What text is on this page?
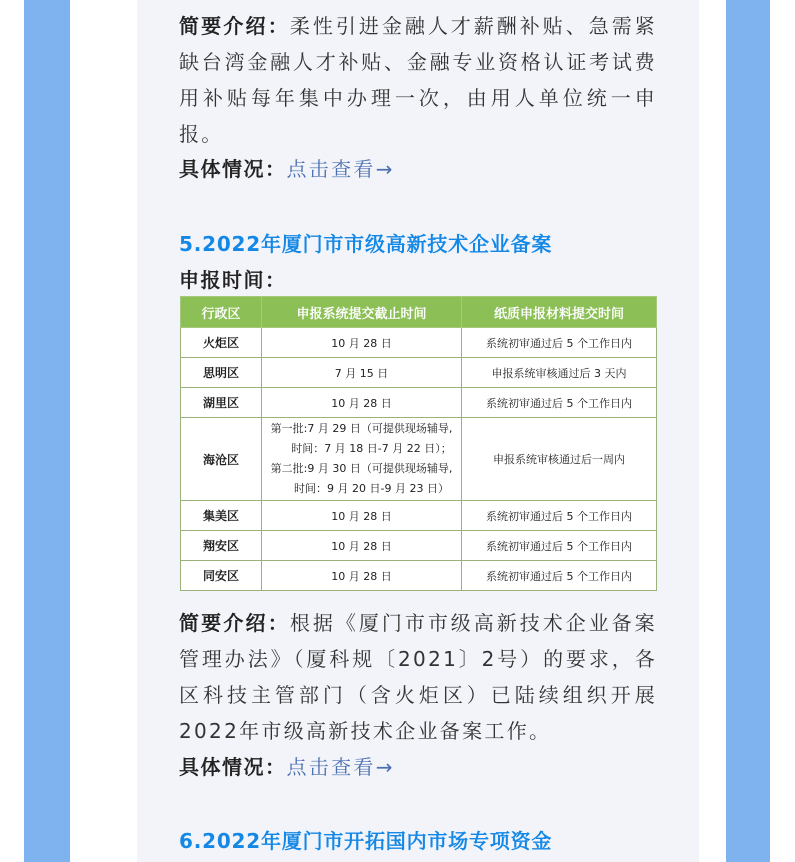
简要介绍：柔性引进金融人才薪酬补贴、急需紧缺台湾金融人才补贴、金融专业资格认证考试费用补贴每年集中办理一次，由用人单位统一申报。
具体情况：点击查看→
5.2022年厦门市市级高新技术企业备案
申报时间：
简要介绍：根据《厦门市市级高新技术企业备案管理办法》（厦科规〔2021〕2号）的要求，各区科技主管部门（含火炬区）已陆续组织开展2022年市级高新技术企业备案工作。
具体情况：点击查看→
6.2022年厦门市开拓国内市场专项资金
行政区	申报系统提交截止时间	纸质申报材料提交时间
火炬区	10 月 28 日	系统初审通过后 5 个工作日内
思明区	7 月 15 日	申报系统审核通过后 3 天内
湖里区	10 月 28 日	系统初审通过后 5 个工作日内
海沧区	第一批:7 月 29 日（可提供现场辅导,
时间：7 月 18 日-7 月 22 日）；
第二批:9 月 30 日（可提供现场辅导,
时间：9 月 20 日-9 月 23 日）	申报系统审核通过后一周内
集美区	10 月 28 日	系统初审通过后 5 个工作日内
翔安区	10 月 28 日	系统初审通过后 5 个工作日内
同安区	10 月 28 日	系统初审通过后 5 个工作日内
